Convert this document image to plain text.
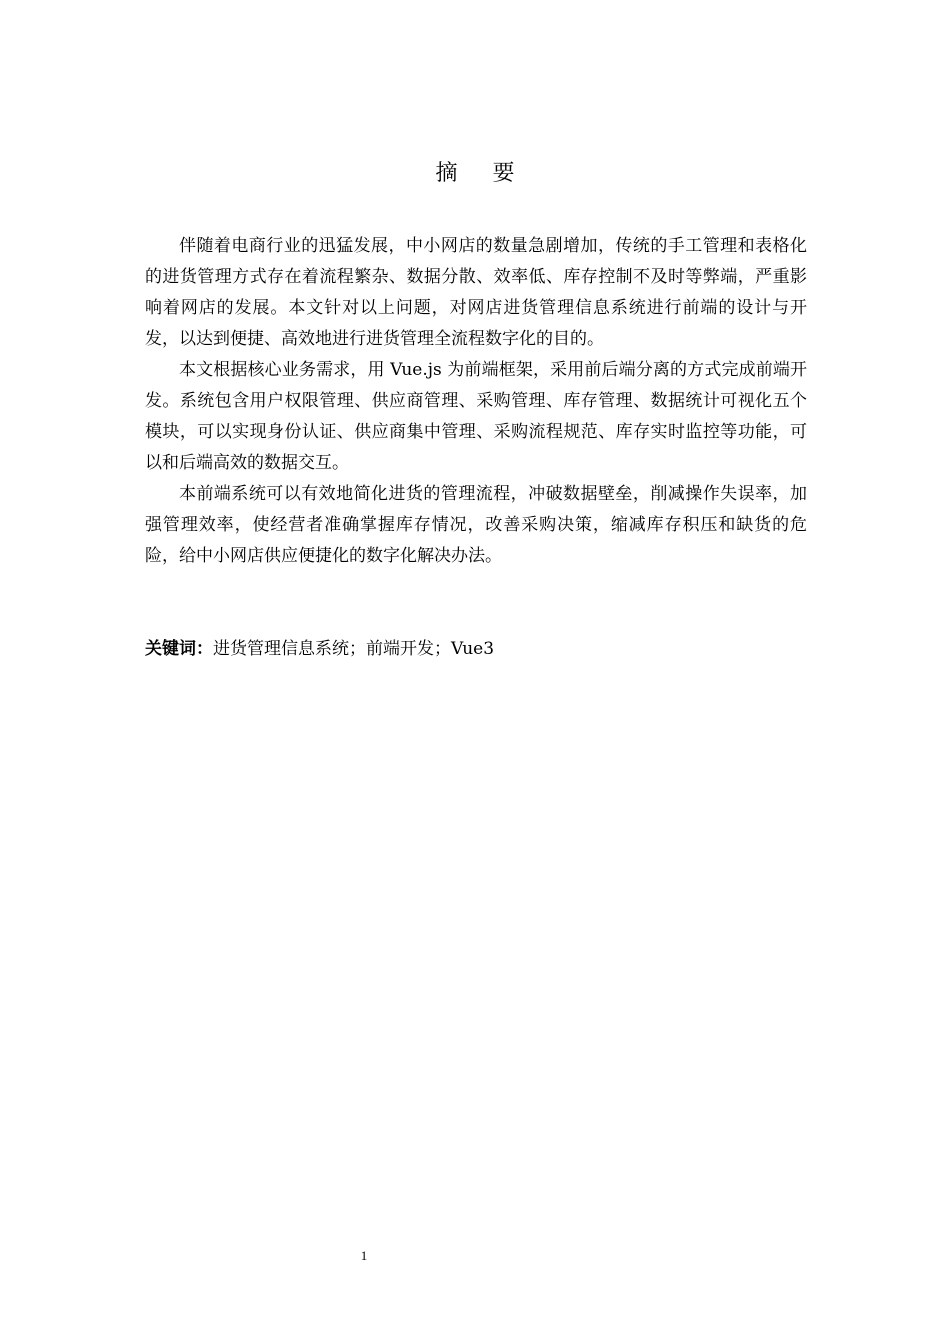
摘 要

伴随着电商行业的迅猛发展，中小网店的数量急剧增加，传统的手工管理和表格化的进货管理方式存在着流程繁杂、数据分散、效率低、库存控制不及时等弊端，严重影响着网店的发展。本文针对以上问题，对网店进货管理信息系统进行前端的设计与开发，以达到便捷、高效地进行进货管理全流程数字化的目的。

本文根据核心业务需求，用 Vue.js 为前端框架，采用前后端分离的方式完成前端开发。系统包含用户权限管理、供应商管理、采购管理、库存管理、数据统计可视化五个模块，可以实现身份认证、供应商集中管理、采购流程规范、库存实时监控等功能，可以和后端高效的数据交互。

本前端系统可以有效地简化进货的管理流程，冲破数据壁垒，削减操作失误率，加强管理效率，使经营者准确掌握库存情况，改善采购决策，缩减库存积压和缺货的危险，给中小网店供应便捷化的数字化解决办法。

关键词：进货管理信息系统；前端开发；Vue3

1
